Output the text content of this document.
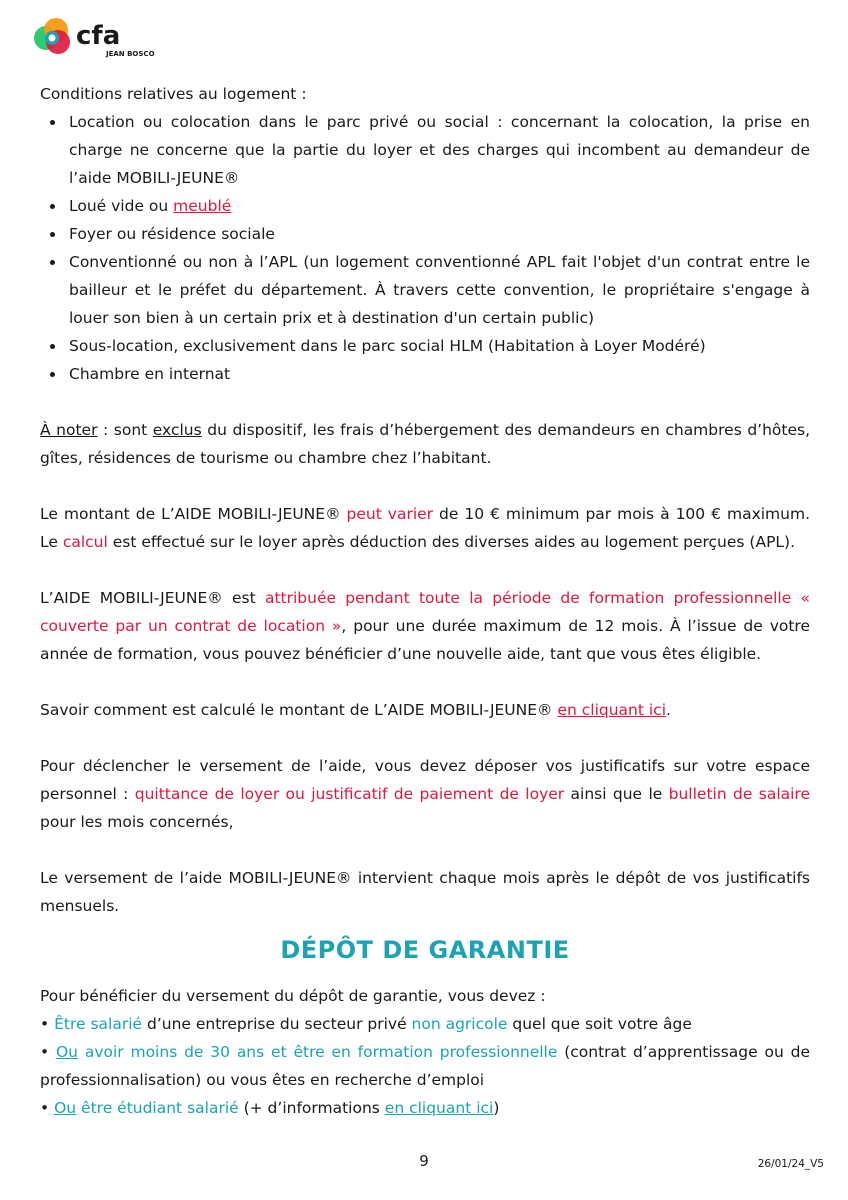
cfa
JEAN BOSCO

Conditions relatives au logement :

Location ou colocation dans le parc privé ou social : concernant la colocation, la prise en charge ne concerne que la partie du loyer et des charges qui incombent au demandeur de l’aide MOBILI-JEUNE®
Loué vide ou meublé
Foyer ou résidence sociale
Conventionné ou non à l’APL (un logement conventionné APL fait l'objet d'un contrat entre le bailleur et le préfet du département. À travers cette convention, le propriétaire s'engage à louer son bien à un certain prix et à destination d'un certain public)
Sous-location, exclusivement dans le parc social HLM (Habitation à Loyer Modéré)
Chambre en internat

À noter : sont exclus du dispositif, les frais d’hébergement des demandeurs en chambres d’hôtes, gîtes, résidences de tourisme ou chambre chez l’habitant.

Le montant de L’AIDE MOBILI-JEUNE® peut varier de 10 € minimum par mois à 100 € maximum. Le calcul est effectué sur le loyer après déduction des diverses aides au logement perçues (APL).

L’AIDE MOBILI-JEUNE® est attribuée pendant toute la période de formation professionnelle « couverte par un contrat de location », pour une durée maximum de 12 mois. À l’issue de votre année de formation, vous pouvez bénéficier d’une nouvelle aide, tant que vous êtes éligible.

Savoir comment est calculé le montant de L’AIDE MOBILI-JEUNE® en cliquant ici.

Pour déclencher le versement de l’aide, vous devez déposer vos justificatifs sur votre espace personnel : quittance de loyer ou justificatif de paiement de loyer ainsi que le bulletin de salaire pour les mois concernés,

Le versement de l’aide MOBILI-JEUNE® intervient chaque mois après le dépôt de vos justificatifs mensuels.

DÉPÔT DE GARANTIE

Pour bénéficier du versement du dépôt de garantie, vous devez :

• Être salarié d’une entreprise du secteur privé non agricole quel que soit votre âge

• Ou avoir moins de 30 ans et être en formation professionnelle (contrat d’apprentissage ou de professionnalisation) ou vous êtes en recherche d’emploi

• Ou être étudiant salarié (+ d’informations en cliquant ici)

9	26/01/24_V5
